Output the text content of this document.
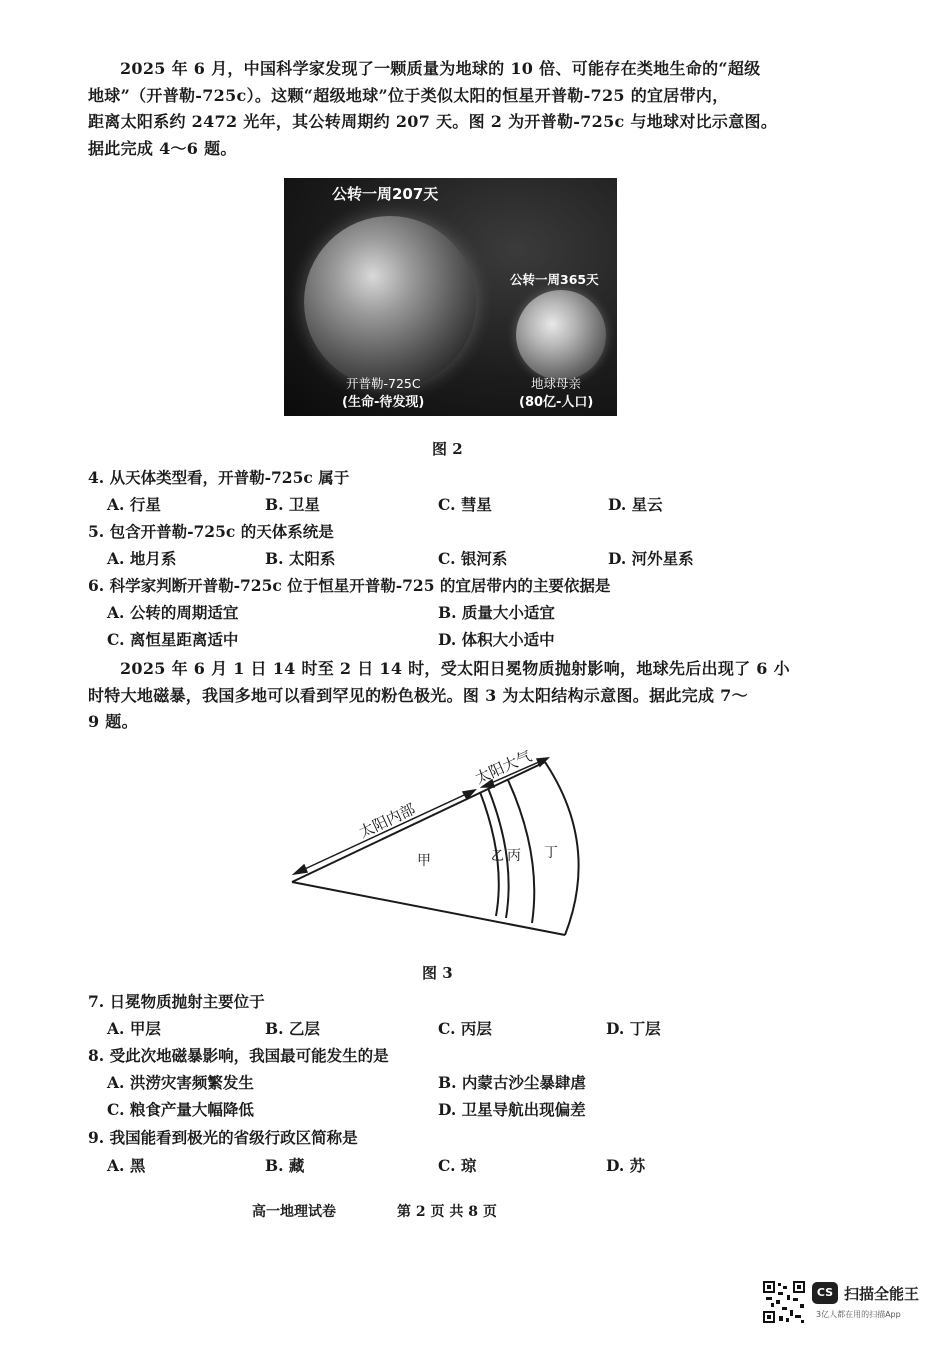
2025 年 6 月，中国科学家发现了一颗质量为地球的 10 倍、可能存在类地生命的“超级
地球”（开普勒-725c）。这颗“超级地球”位于类似太阳的恒星开普勒-725 的宜居带内，
距离太阳系约 2472 光年，其公转周期约 207 天。图 2 为开普勒-725c 与地球对比示意图。
据此完成 4～6 题。
公转一周207天
开普勒-725C
(生命-待发现)
公转一周365天
地球母亲
(80亿-人口)
图 2
4. 从天体类型看，开普勒-725c 属于
A. 行星	B. 卫星	C. 彗星	D. 星云
5. 包含开普勒-725c 的天体系统是
A. 地月系	B. 太阳系	C. 银河系	D. 河外星系
6. 科学家判断开普勒-725c 位于恒星开普勒-725 的宜居带内的主要依据是
A. 公转的周期适宜	B. 质量大小适宜
C. 离恒星距离适中	D. 体积大小适中
2025 年 6 月 1 日 14 时至 2 日 14 时，受太阳日冕物质抛射影响，地球先后出现了 6 小
时特大地磁暴，我国多地可以看到罕见的粉色极光。图 3 为太阳结构示意图。据此完成 7～
9 题。
太阳内部
太阳大气
甲	乙 丙 丁
图 3
7. 日冕物质抛射主要位于
A. 甲层	B. 乙层	C. 丙层	D. 丁层
8. 受此次地磁暴影响，我国最可能发生的是
A. 洪涝灾害频繁发生	B. 内蒙古沙尘暴肆虐
C. 粮食产量大幅降低	D. 卫星导航出现偏差
9. 我国能看到极光的省级行政区简称是
A. 黑	B. 藏	C. 琼	D. 苏
高一地理试卷	第 2 页 共 8 页
CS 扫描全能王
3亿人都在用的扫描App
